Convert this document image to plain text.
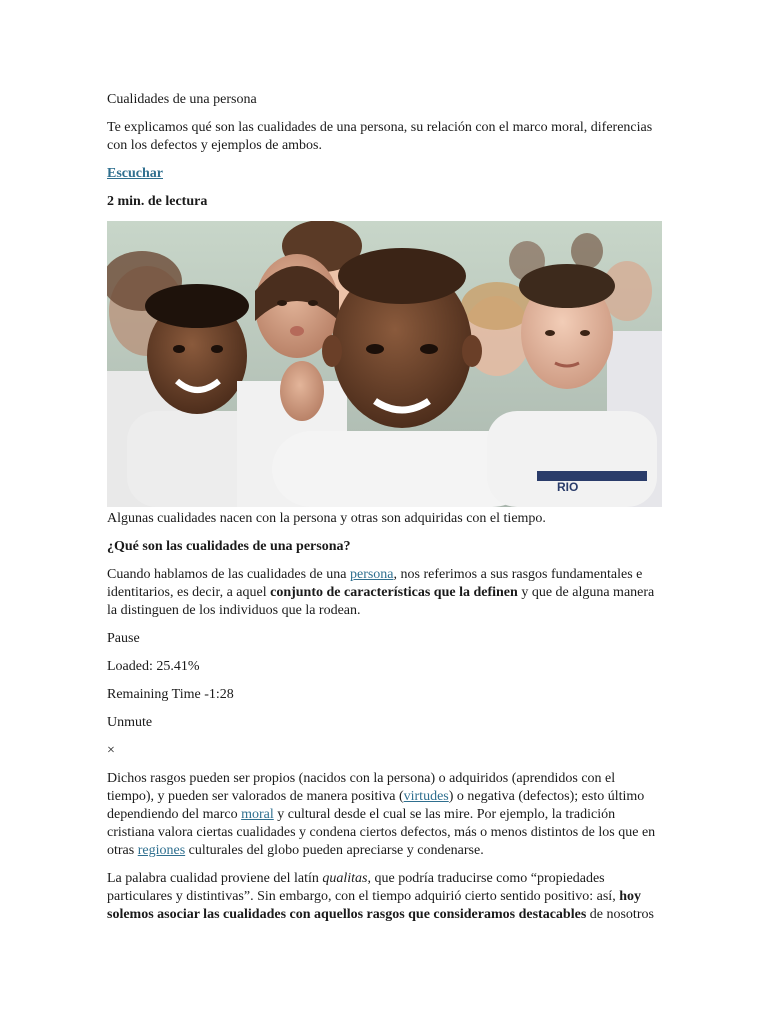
Cualidades de una persona

Te explicamos qué son las cualidades de una persona, su relación con el marco moral, diferencias con los defectos y ejemplos de ambos.

Escuchar

2 min. de lectura

RIO

Algunas cualidades nacen con la persona y otras son adquiridas con el tiempo.

¿Qué son las cualidades de una persona?

Cuando hablamos de las cualidades de una persona, nos referimos a sus rasgos fundamentales e identitarios, es decir, a aquel conjunto de características que la definen y que de alguna manera la distinguen de los individuos que la rodean.

Pause

Loaded: 25.41%

Remaining Time -1:28

Unmute

×

Dichos rasgos pueden ser propios (nacidos con la persona) o adquiridos (aprendidos con el tiempo), y pueden ser valorados de manera positiva (virtudes) o negativa (defectos); esto último dependiendo del marco moral y cultural desde el cual se las mire. Por ejemplo, la tradición cristiana valora ciertas cualidades y condena ciertos defectos, más o menos distintos de los que en otras regiones culturales del globo pueden apreciarse y condenarse.

La palabra cualidad proviene del latín qualitas, que podría traducirse como “propiedades particulares y distintivas”. Sin embargo, con el tiempo adquirió cierto sentido positivo: así, hoy solemos asociar las cualidades con aquellos rasgos que consideramos destacables de nosotros
